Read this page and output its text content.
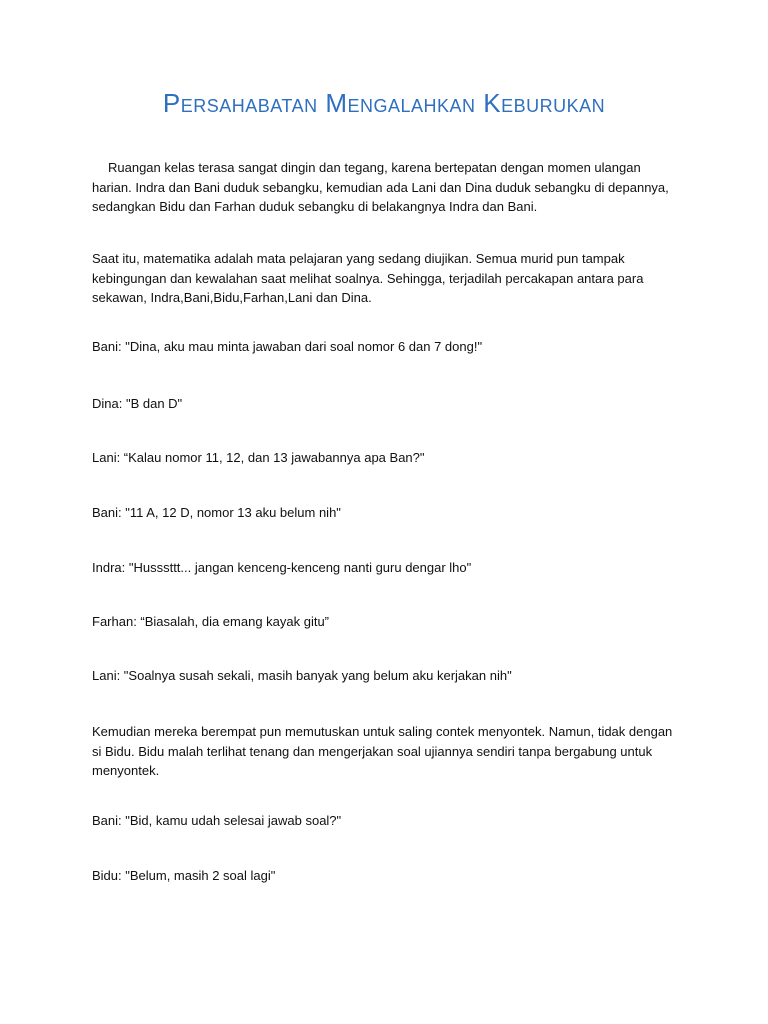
Persahabatan Mengalahkan Keburukan
Ruangan kelas terasa sangat dingin dan tegang, karena bertepatan dengan momen ulangan harian. Indra dan Bani duduk sebangku, kemudian ada Lani dan Dina duduk sebangku di depannya, sedangkan Bidu dan Farhan duduk sebangku di belakangnya Indra dan Bani.
Saat itu, matematika adalah mata pelajaran yang sedang diujikan. Semua murid pun tampak kebingungan dan kewalahan saat melihat soalnya. Sehingga, terjadilah percakapan antara para sekawan, Indra,Bani,Bidu,Farhan,Lani dan Dina.
Bani: "Dina, aku mau minta jawaban dari soal nomor 6 dan 7 dong!"
Dina: "B dan D"
Lani: “Kalau nomor 11, 12, dan 13 jawabannya apa Ban?"
Bani: "11 A, 12 D, nomor 13 aku belum nih"
Indra: "Husssttt... jangan kenceng-kenceng nanti guru dengar lho"
Farhan: “Biasalah, dia emang kayak gitu”
Lani: "Soalnya susah sekali, masih banyak yang belum aku kerjakan nih"
Kemudian mereka berempat pun memutuskan untuk saling contek menyontek. Namun, tidak dengan si Bidu. Bidu malah terlihat tenang dan mengerjakan soal ujiannya sendiri tanpa bergabung untuk menyontek.
Bani: "Bid, kamu udah selesai jawab soal?"
Bidu: "Belum, masih 2 soal lagi"
